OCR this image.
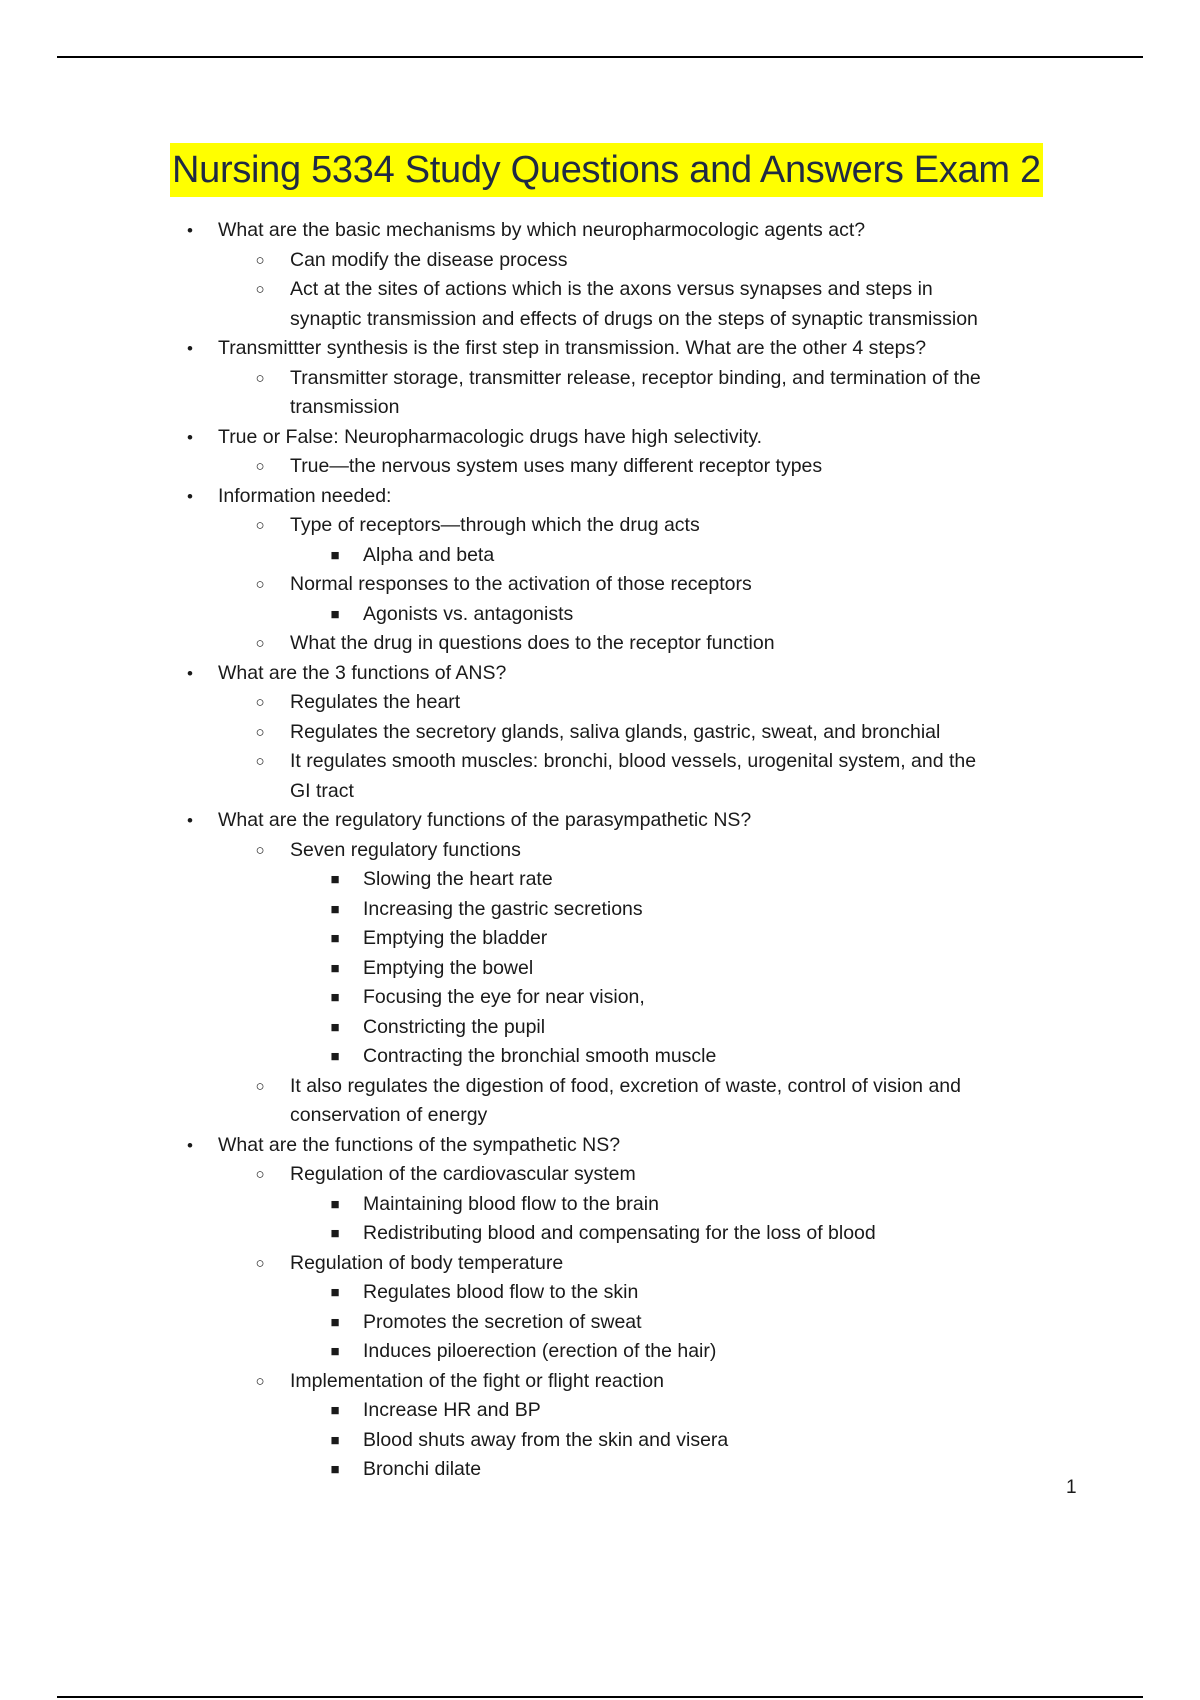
Nursing 5334 Study Questions and Answers Exam 2
•	What are the basic mechanisms by which neuropharmocologic agents act?
○ Can modify the disease process
○ Act at the sites of actions which is the axons versus synapses and steps in synaptic transmission and effects of drugs on the steps of synaptic transmission
•	Transmittter synthesis is the first step in transmission. What are the other 4 steps?
○ Transmitter storage, transmitter release, receptor binding, and termination of the transmission
•	True or False: Neuropharmacologic drugs have high selectivity.
○ True—the nervous system uses many different receptor types
•	Information needed:
○ Type of receptors—through which the drug acts
■ Alpha and beta
○ Normal responses to the activation of those receptors
■ Agonists vs. antagonists
○ What the drug in questions does to the receptor function
•	What are the 3 functions of ANS?
○ Regulates the heart
○ Regulates the secretory glands, saliva glands, gastric, sweat, and bronchial
○ It regulates smooth muscles: bronchi, blood vessels, urogenital system, and the GI tract
•	What are the regulatory functions of the parasympathetic NS?
○ Seven regulatory functions
■ Slowing the heart rate
■ Increasing the gastric secretions
■ Emptying the bladder
■ Emptying the bowel
■ Focusing the eye for near vision,
■ Constricting the pupil
■ Contracting the bronchial smooth muscle
○ It also regulates the digestion of food, excretion of waste, control of vision and conservation of energy
•	What are the functions of the sympathetic NS?
○ Regulation of the cardiovascular system
■ Maintaining blood flow to the brain
■ Redistributing blood and compensating for the loss of blood
○ Regulation of body temperature
■ Regulates blood flow to the skin
■ Promotes the secretion of sweat
■ Induces piloerection (erection of the hair)
○ Implementation of the fight or flight reaction
■ Increase HR and BP
■ Blood shuts away from the skin and visera
■ Bronchi dilate
1
